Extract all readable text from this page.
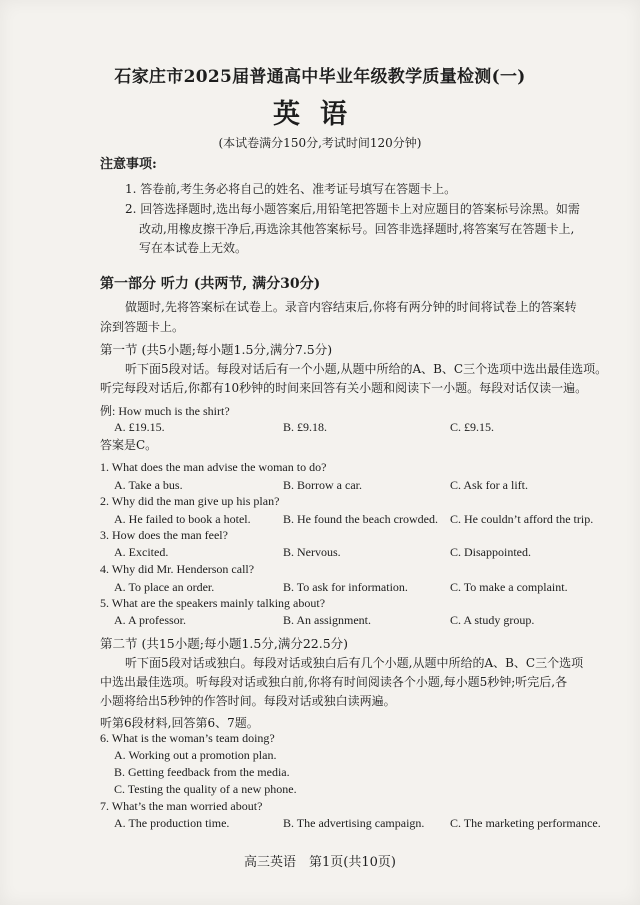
石家庄市2025届普通高中毕业年级教学质量检测(一)
英语
(本试卷满分150分,考试时间120分钟)
注意事项:
1. 答卷前,考生务必将自己的姓名、准考证号填写在答题卡上。
2. 回答选择题时,选出每小题答案后,用铅笔把答题卡上对应题目的答案标号涂黑。如需
改动,用橡皮擦干净后,再选涂其他答案标号。回答非选择题时,将答案写在答题卡上,
写在本试卷上无效。
第一部分 听力 (共两节, 满分30分)
做题时,先将答案标在试卷上。录音内容结束后,你将有两分钟的时间将试卷上的答案转
涂到答题卡上。
第一节 (共5小题;每小题1.5分,满分7.5分)
听下面5段对话。每段对话后有一个小题,从题中所给的A、B、C三个选项中选出最佳选项。
听完每段对话后,你都有10秒钟的时间来回答有关小题和阅读下一小题。每段对话仅读一遍。
例: How much is the shirt?
A. £19.15.	B. £9.18.	C. £9.15.
答案是C。
1. What does the man advise the woman to do?
A. Take a bus.	B. Borrow a car.	C. Ask for a lift.
2. Why did the man give up his plan?
A. He failed to book a hotel.	B. He found the beach crowded. C. He couldn’t afford the trip.
3. How does the man feel?
A. Excited.	B. Nervous.	C. Disappointed.
4. Why did Mr. Henderson call?
A. To place an order.	B. To ask for information.	C. To make a complaint.
5. What are the speakers mainly talking about?
A. A professor.	B. An assignment.	C. A study group.
第二节 (共15小题;每小题1.5分,满分22.5分)
听下面5段对话或独白。每段对话或独白后有几个小题,从题中所给的A、B、C三个选项
中选出最佳选项。听每段对话或独白前,你将有时间阅读各个小题,每小题5秒钟;听完后,各
小题将给出5秒钟的作答时间。每段对话或独白读两遍。
听第6段材料,回答第6、7题。
6. What is the woman’s team doing?
A. Working out a promotion plan.
B. Getting feedback from the media.
C. Testing the quality of a new phone.
7. What’s the man worried about?
A. The production time.	B. The advertising campaign. C. The marketing performance.
高三英语　第1页(共10页)
